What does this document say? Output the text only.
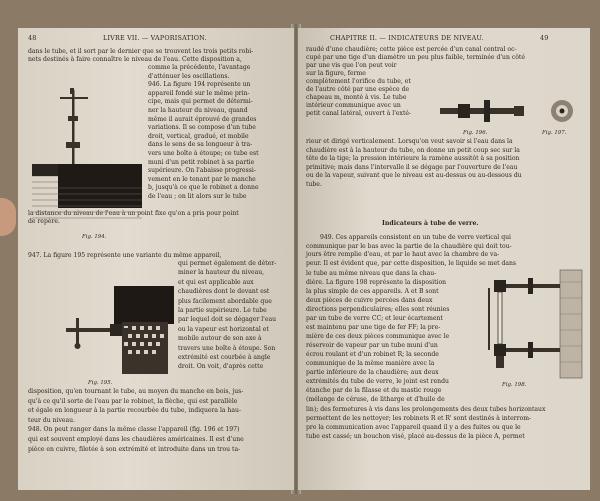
48	LIVRE VII. — VAPORISATION.
dans le tube, et il sort par le dernier que se trouvent les trois petits robi-
nets destinés à faire connaître le niveau de l'eau. Cette disposition a,
comme la précédente, l'avantage
d'atténuer les oscillations.
946. La figure 194 représente un
appareil fondé sur le même prin-
cipe, mais qui permet de détermi-
ner la hauteur du niveau, quand
même il aurait éprouvé de grandes
variations. Il se compose d'un tube
droit, vertical, gradué, et mobile
dans le sens de sa longueur à tra-
vers une boîte à étoupe; ce tube est
muni d'un petit robinet à sa partie
supérieure. On l'abaisse progressi-
vement en le tenant par le manche
b, jusqu'à ce que le robinet a donne
de l'eau ; on lit alors sur le tube
la distance du niveau de l'eau à un point fixe qu'on a pris pour point
de repère.
947. La figure 195 représente une variante du même appareil,
qui permet également de déter-
miner la hauteur du niveau,
et qui est applicable aux
chaudières dont le devant est
plus facilement abordable que
la partie supérieure. Le tube
par lequel doit se dégager l'eau
ou la vapeur est horizontal et
mobile autour de son axe à
travers une boîte à étoupe. Son
extrémité est courbée à angle
droit. On voit, d'après cette
disposition, qu'en tournant le tube, au moyen du manche en bois, jus-
qu'à ce qu'il sorte de l'eau par le robinet, la flèche, qui est parallèle
et égale en longueur à la partie recourbée du tube, indiquera la hau-
teur du niveau.
948. On peut ranger dans la même classe l'appareil (fig. 196 et 197)
qui est souvent employé dans les chaudières américaines. Il est d'une
pièce en cuivre, filetée à son extrémité et introduite dans un trou ta-
Fig. 194.
Fig. 195.
CHAPITRE II. — INDICATEURS DE NIVEAU.	49
raudé d'une chaudière; cette pièce est percée d'un canal central oc-
cupé par une tige d'un diamètre un peu plus faible, terminée d'un côté
par une vis que l'on peut voir
sur la figure, ferme
complètement l'orifice du tube, et
de l'autre côté par une espèce de
chapeau m, monté à vis. Le tube
intérieur communique avec un
petit canal latéral, ouvert à l'exté-
rieur et dirigé verticalement. Lorsqu'on veut savoir si l'eau dans la
chaudière est à la hauteur du tube, on donne un petit coup sec sur la
tête de la tige; la pression intérieure la ramène aussitôt à sa position
primitive; mais dans l'intervalle il se dégage par l'ouverture de l'eau
ou de la vapeur, suivant que le niveau est au-dessus ou au-dessous du
tube.
949. Ces appareils consistent en un tube de verre vertical qui
communique par le bas avec la partie de la chaudière qui doit tou-
jours être remplie d'eau, et par le haut avec la chambre de va-
peur. Il est évident que, par cette disposition, le liquide se met dans
le tube au même niveau que dans la chau-
dière. La figure 198 représente la disposition
la plus simple de ces appareils. A et B sont
deux pièces de cuivre percées dans deux
directions perpendiculaires; elles sont réunies
par un tube de verre CC; et leur écartement
est maintenu par une tige de fer FF; la pre-
mière de ces deux pièces communique avec le
réservoir de vapeur par un tube muni d'un
écrou roulant et d'un robinet R; la seconde
communique de la même manière avec la
partie inférieure de la chaudière; aux deux
extrémités du tube de verre, le joint est rendu
étanche par de la filasse et du mastic rouge
(mélange de céruse, de litharge et d'huile de
lin); des fermetures à vis dans les prolongements des deux tubes horizontaux
permettent de les nettoyer; les robinets R et R' sont destinés à interrom-
pre la communication avec l'appareil quand il y a des fuites ou que le
tube est cassé; un bouchon visé, placé au-dessus de la pièce A, permet
Fig. 196.	Fig. 197.
Indicateurs à tube de verre.
Fig. 198.
